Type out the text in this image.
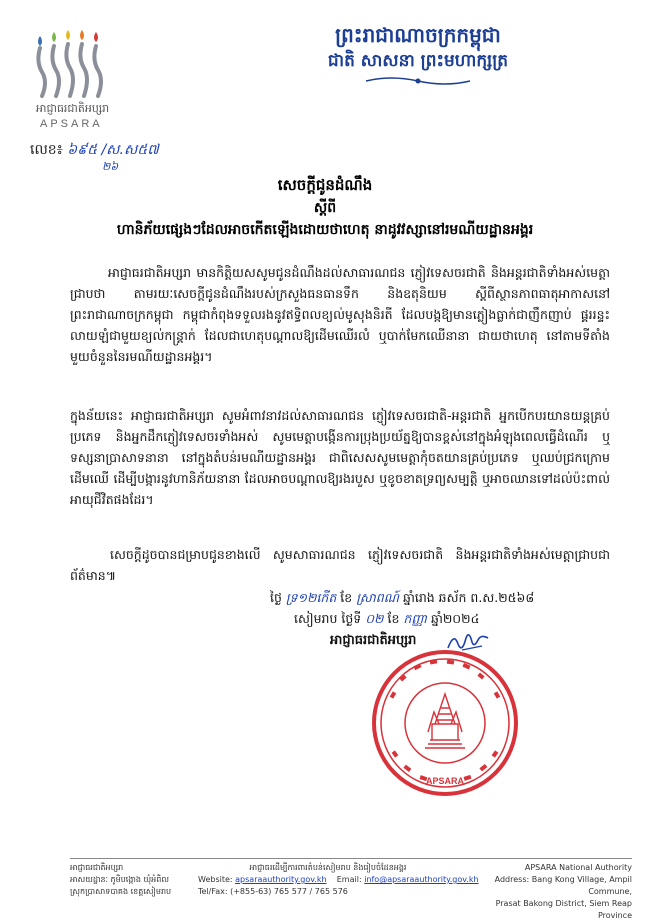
អាជ្ញាធរជាតិអប្សរា
APSARA
ព្រះរាជាណាចក្រកម្ពុជា
ជាតិ សាសនា ព្រះមហាក្សត្រ
លេខ៖ ៦៩៥ /ស.ស៥៧
២៦
សេចក្តីជូនដំណឹង
ស្តីពី
ហានិភ័យផ្សេងៗដែលអាចកើតឡើងដោយថាហេតុ នាដូវវស្សានៅរមណីយដ្ឋានអង្គរ
អាជ្ញាធរជាតិអប្សរា មានកិត្តិយសសូមជូនដំណឹងដល់សាធារណជន ភ្ញៀវទេសចរជាតិ និងអន្តរជាតិទាំងអស់មេត្តាជ្រាបថា តាមរយៈសេចក្តីជូនដំណឹងរបស់ក្រសួងធនធានទឹក និងឧតុនិយម ស្តីពីស្ថានភាពធាតុអាកាសនៅព្រះរាជាណាចក្រកម្ពុជា កម្ពុជាកំពុងទទួលរងនូវឥទ្ធិពលខ្យល់មូសុងនិរតី ដែលបង្កឱ្យមានភ្លៀងធ្លាក់ជាញឹកញាប់ ផ្គររន្ទះ លាយឡំជាមួយខ្យល់កន្ត្រាក់ ដែលជាហេតុបណ្តាលឱ្យដើមឈើរលំ ឬបាក់មែកឈើនានា ជាយថាហេតុ នៅតាមទីតាំងមួយចំនួននៃរមណីយដ្ឋានអង្គរ។
ក្នុងន័យនេះ អាជ្ញាធរជាតិអប្សរា សូមអំពាវនាវដល់សាធារណជន ភ្ញៀវទេសចរជាតិ-អន្តរជាតិ អ្នកបើកបរយានយន្តគ្រប់ប្រភេទ និងអ្នកដឹកភ្ញៀវទេសចរទាំងអស់ សូមមេត្តាបង្កើនការប្រុងប្រយ័ត្នឱ្យបានខ្ពស់នៅក្នុងអំឡុងពេលធ្វើដំណើរ ឬទស្សនាប្រាសាទនានា នៅក្នុងតំបន់រមណីយដ្ឋានអង្គរ ជាពិសេសសូមមេត្តាកុំចតយានគ្រប់ប្រភេទ ឬឈប់ជ្រកក្រោមដើមឈើ ដើម្បីបង្ការនូវហានិភ័យនានា ដែលអាចបណ្តាលឱ្យរងរបួស ឬខូចខាតទ្រព្យសម្បត្តិ ឬអាចឈានទៅដល់ប៉ះពាល់អាយុជីវិតផងដែរ។
សេចក្តីដូចបានជម្រាបជូនខាងលើ សូមសាធារណជន ភ្ញៀវទេសចរជាតិ និងអន្តរជាតិទាំងអស់មេត្តាជ្រាបជាព័ត៌មាន៕
ថ្ងៃ ទ្រ១២កើត ខែ ស្រាពណ៍ ឆ្នាំរោង ឆស័ក ព.ស.២៥៦៨
សៀមរាប ថ្ងៃទី ០២ ខែ កញ្ញា ឆ្នាំ២០២៤
អាជ្ញាធរជាតិអប្សរា
APSARA
អាជ្ញាធរជាតិអប្សរា
អាសយដ្ឋានៈ ភូមិបង្កោង ឃុំអំពិល
ស្រុកប្រាសាទបាគង ខេត្តសៀមរាប
អាជ្ញាធរដើម្បីការពារតំបន់សៀមរាប និងរៀបចំដែនអង្គរ
Website: apsaraauthority.gov.kh Email: info@apsaraauthority.gov.kh
Tel/Fax: (+855-63) 765 577 / 765 576
APSARA National Authority
Address: Bang Kong Village, Ampil Commune,
Prasat Bakong District, Siem Reap Province
